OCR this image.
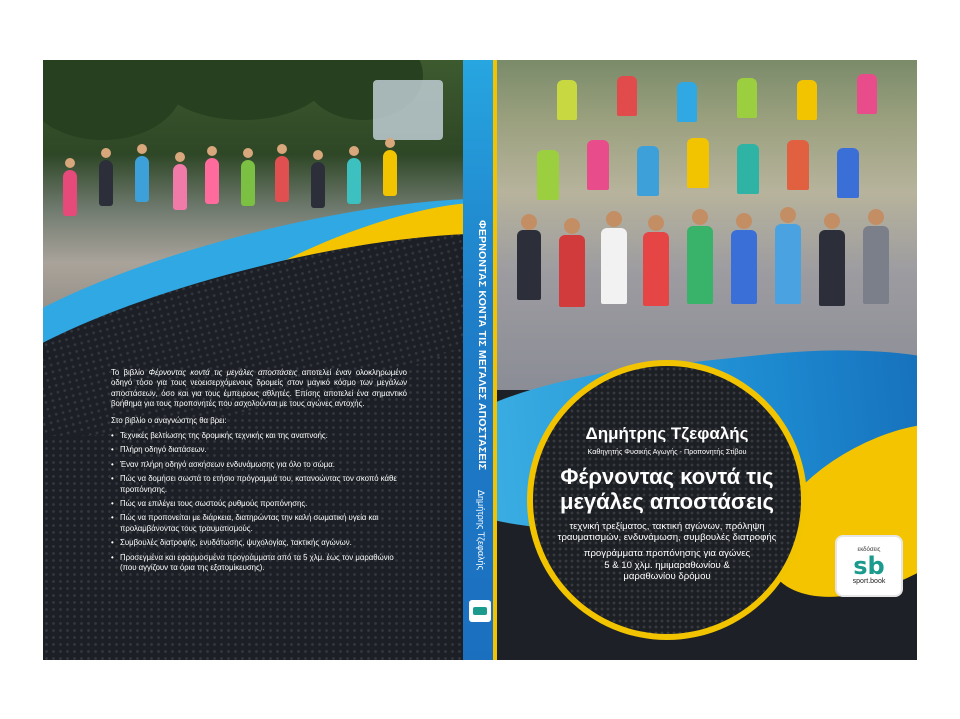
Το βιβλίο Φέρνοντας κοντά τις μεγάλες αποστάσεις αποτελεί έναν ολοκληρωμένο οδηγό τόσο για τους νεοεισερχόμενους δρομείς στον μαγικό κόσμο των μεγάλων αποστάσεων, όσο και για τους έμπειρους αθλητές. Επίσης αποτελεί ένα σημαντικό βοήθημα για τους προπονητές που ασχολούνται με τους αγώνες αντοχής.

Στο βιβλίο ο αναγνώστης θα βρει:

• Τεχνικές βελτίωσης της δρομικής τεχνικής και της αναπνοής.
• Πλήρη οδηγό διατάσεων.
• Έναν πλήρη οδηγό ασκήσεων ενδυνάμωσης για όλο το σώμα.
• Πώς να δομήσει σωστά το ετήσιο πρόγραμμά του, κατανοώντας τον σκοπό κάθε προπόνησης.
• Πώς να επιλέγει τους σωστούς ρυθμούς προπόνησης.
• Πώς να προπονείται με διάρκεια, διατηρώντας την καλή σωματική υγεία και προλαμβάνοντας τους τραυματισμούς.
• Συμβουλές διατροφής, ενυδάτωσης, ψυχολογίας, τακτικής αγώνων.
• Προσεγμένα και εφαρμοσμένα προγράμματα από τα 5 χλμ. έως τον μαραθώνιο (που αγγίζουν τα όρια της εξατομίκευσης).
ΦΕΡΝΟΝΤΑΣ ΚΟΝΤΑ ΤΙΣ ΜΕΓΑΛΕΣ ΑΠΟΣΤΑΣΕΙΣ
Δημήτρης Τζεφαλής
Δημήτρης Τζεφαλής
Καθηγητής Φυσικής Αγωγής - Προπονητής Στίβου
Φέρνοντας κοντά τις
μεγάλες αποστάσεις
τεχνική τρεξίματος, τακτική αγώνων, πρόληψη τραυματισμών, ενδυνάμωση, συμβουλές διατροφής
προγράμματα προπόνησης για αγώνες 5 & 10 χλμ. ημιμαραθωνίου & μαραθωνίου δρόμου
εκδόσεις
sb
sport.book
